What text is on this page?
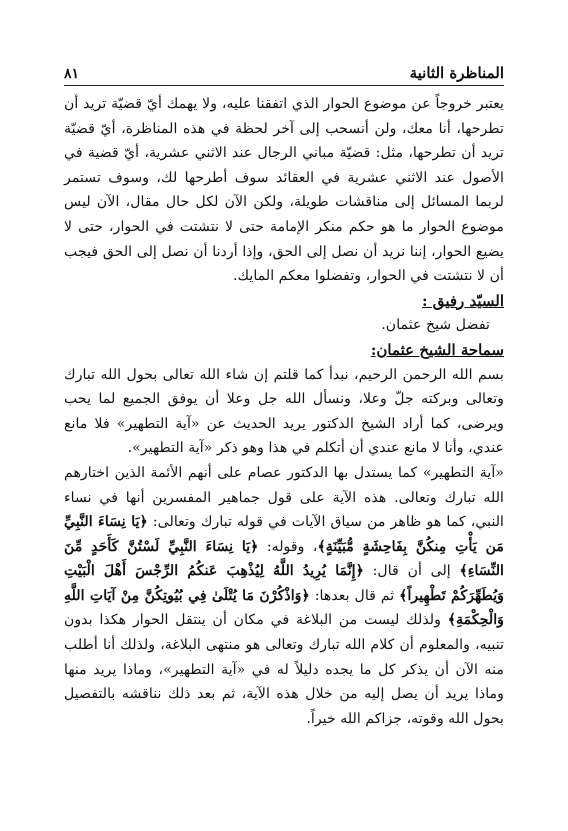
المناظرة الثانية
٨١

يعتبر خروجاً عن موضوع الحوار الذي اتفقنا عليه، ولا يهمك أيّ قضيّة تريد أن تطرحها، أنا معك، ولن أنسحب إلى آخر لحظة في هذه المناظرة، أيّ قضيّة تريد أن تطرحها، مثل: قضيّة مباني الرجال عند الاثني عشرية، أيّ قضية في الأصول عند الاثني عشرية في العقائد سوف أطرحها لك، وسوف تستمر لربما المسائل إلى مناقشات طويلة، ولكن الآن لكل حال مقال، الآن ليس موضوع الحوار ما هو حكم منكر الإمامة حتى لا نتشتت في الحوار، حتى لا يضيع الحوار، إننا نريد أن نصل إلى الحق، وإذا أردنا أن نصل إلى الحق فيجب أن لا نتشتت في الحوار، وتفضلوا معكم المايك.

السيّد رفيق :

تفضل شيخ عثمان.

سماحة الشيخ عثمان:

بسم الله الرحمن الرحيم، نبدأ كما قلتم إن شاء الله تعالى بحول الله تبارك وتعالى وبركته جلّ وعلا، ونسأل الله جل وعلا أن يوفق الجميع لما يحب ويرضى، كما أراد الشيخ الدكتور يريد الحديث عن «آية التطهير» فلا مانع عندي، وأنا لا مانع عندي أن أتكلم في هذا وهو ذكر «آية التطهير».

«آية التطهير» كما يستدل بها الدكتور عصام على أنهم الأئمة الذين اختارهم الله تبارك وتعالى. هذه الآية على قول جماهير المفسرين أنها في نساء النبي، كما هو ظاهر من سياق الآيات في قوله تبارك وتعالى: ﴿يَا نِسَاءَ النَّبِيِّ مَن يَأْتِ مِنكُنَّ بِفَاحِشَةٍ مُّبَيِّنَةٍ﴾، وقوله: ﴿يَا نِسَاءَ النَّبِيِّ لَسْتُنَّ كَأَحَدٍ مِّنَ النِّسَاءِ﴾ إلى أن قال: ﴿إِنَّمَا يُرِيدُ اللَّهُ لِيُذْهِبَ عَنكُمُ الرِّجْسَ أَهْلَ الْبَيْتِ وَيُطَهِّرَكُمْ تَطْهِيراً﴾ ثم قال بعدها: ﴿وَاذْكُرْنَ مَا يُتْلَىٰ فِي بُيُوتِكُنَّ مِنْ آيَاتِ اللَّهِ وَالْحِكْمَةِ﴾ ولذلك ليست من البلاغة في مكان أن ينتقل الحوار هكذا بدون تنبيه، والمعلوم أن كلام الله تبارك وتعالى هو منتهى البلاغة، ولذلك أنا أطلب منه الآن أن يذكر كل ما يجده دليلاً له في «آية التطهير»، وماذا يريد منها وماذا يريد أن يصل إليه من خلال هذه الآية، ثم بعد ذلك نناقشه بالتفصيل بحول الله وقوته، جزاكم الله خيراً.
